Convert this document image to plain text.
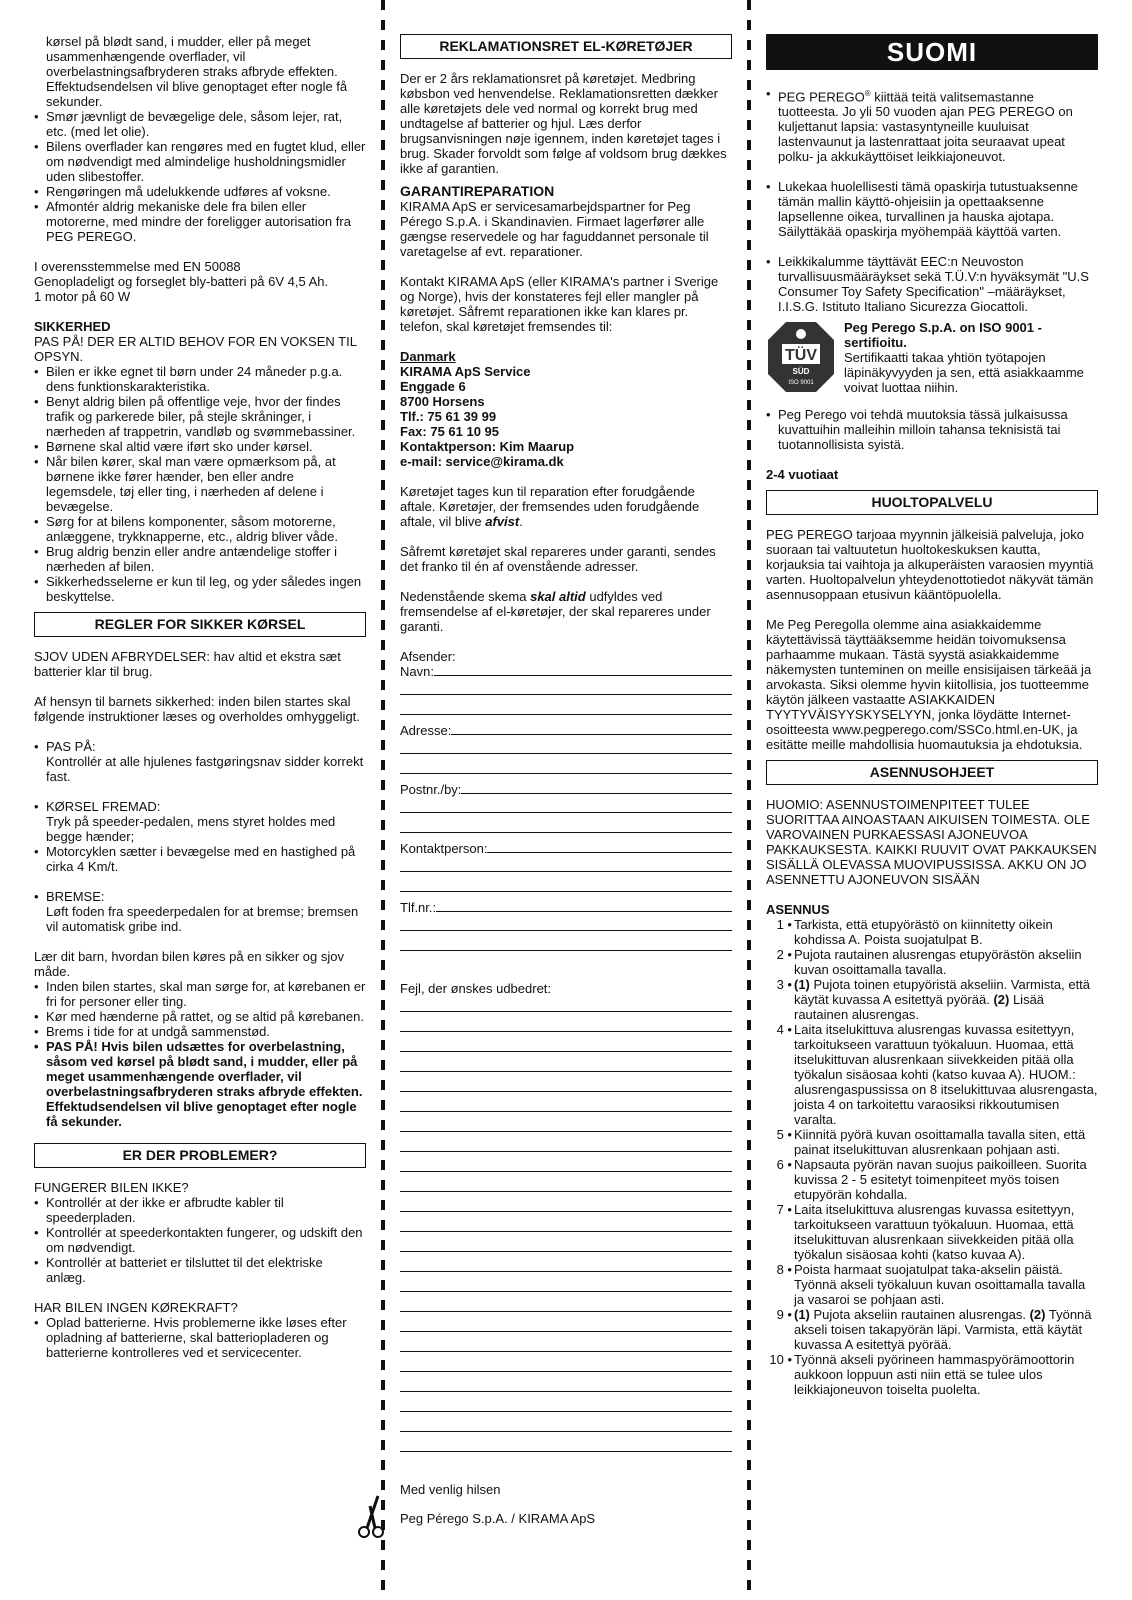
kørsel på blødt sand, i mudder, eller på meget usammenhængende overflader, vil overbelastningsafbryderen straks afbryde effekten. Effektudsendelsen vil blive genoptaget efter nogle få sekunder.

• Smør jævnligt de bevægelige dele, såsom lejer, rat, etc. (med let olie).
• Bilens overflader kan rengøres med en fugtet klud, eller om nødvendigt med almindelige husholdningsmidler uden slibestoffer.
• Rengøringen må udelukkende udføres af voksne.
• Afmontér aldrig mekaniske dele fra bilen eller motorerne, med mindre der foreligger autorisation fra PEG PEREGO.

I overensstemmelse med EN 50088

Genopladeligt og forseglet bly-batteri på 6V 4,5 Ah.

1 motor på 60 W

SIKKERHED

PAS PÅ! DER ER ALTID BEHOV FOR EN VOKSEN TIL OPSYN.

• Bilen er ikke egnet til børn under 24 måneder p.g.a. dens funktionskarakteristika.
• Benyt aldrig bilen på offentlige veje, hvor der findes trafik og parkerede biler, på stejle skråninger, i nærheden af trappetrin, vandløb og svømmebassiner.
• Børnene skal altid være iført sko under kørsel.
• Når bilen kører, skal man være opmærksom på, at børnene ikke fører hænder, ben eller andre legemsdele, tøj eller ting, i nærheden af delene i bevægelse.
• Sørg for at bilens komponenter, såsom motorerne, anlæggene, trykknapperne, etc., aldrig bliver våde.
• Brug aldrig benzin eller andre antændelige stoffer i nærheden af bilen.
• Sikkerhedsselerne er kun til leg, og yder således ingen beskyttelse.
REGLER FOR SIKKER KØRSEL

SJOV UDEN AFBRYDELSER: hav altid et ekstra sæt batterier klar til brug.

Af hensyn til barnets sikkerhed: inden bilen startes skal følgende instruktioner læses og overholdes omhyggeligt.

• PAS PÅ:

Kontrollér at alle hjulenes fastgøringsnav sidder korrekt fast.

• KØRSEL FREMAD:

Tryk på speeder-pedalen, mens styret holdes med begge hænder;

• Motorcyklen sætter i bevægelse med en hastighed på cirka 4 Km/t.
• BREMSE:

Løft foden fra speederpedalen for at bremse; bremsen vil automatisk gribe ind.

Lær dit barn, hvordan bilen køres på en sikker og sjov måde.

• Inden bilen startes, skal man sørge for, at kørebanen er fri for personer eller ting.
• Kør med hænderne på rattet, og se altid på kørebanen.
• Brems i tide for at undgå sammenstød.
• PAS PÅ! Hvis bilen udsættes for overbelastning, såsom ved kørsel på blødt sand, i mudder, eller på meget usammenhængende overflader, vil overbelastningsafbryderen straks afbryde effekten. Effektudsendelsen vil blive genoptaget efter nogle få sekunder.
ER DER PROBLEMER?

FUNGERER BILEN IKKE?

• Kontrollér at der ikke er afbrudte kabler til speederpladen.
• Kontrollér at speederkontakten fungerer, og udskift den om nødvendigt.
• Kontrollér at batteriet er tilsluttet til det elektriske anlæg.

HAR BILEN INGEN KØREKRAFT?

• Oplad batterierne. Hvis problemerne ikke løses efter opladning af batterierne, skal batteriopladeren og batterierne kontrolleres ved et servicecenter.
REKLAMATIONSRET EL-KØRETØJER

Der er 2 års reklamationsret på køretøjet. Medbring købsbon ved henvendelse. Reklamationsretten dækker alle køretøjets dele ved normal og korrekt brug med undtagelse af batterier og hjul. Læs derfor brugsanvisningen nøje igennem, inden køretøjet tages i brug. Skader forvoldt som følge af voldsom brug dækkes ikke af garantien.

GARANTIREPARATION

KIRAMA ApS er servicesamarbejdspartner for Peg Pérego S.p.A. i Skandinavien. Firmaet lagerfører alle gængse reservedele og har faguddannet personale til varetagelse af evt. reparationer.

Kontakt KIRAMA ApS (eller KIRAMA's partner i Sverige og Norge), hvis der konstateres fejl eller mangler på køretøjet. Såfremt reparationen ikke kan klares pr. telefon, skal køretøjet fremsendes til:

Danmark

KIRAMA ApS Service

Enggade 6

8700 Horsens

Tlf.: 75 61 39 99

Fax: 75 61 10 95

Kontaktperson: Kim Maarup

e-mail: service@kirama.dk

Køretøjet tages kun til reparation efter forudgående aftale. Køretøjer, der fremsendes uden forudgående aftale, vil blive afvist.

Såfremt køretøjet skal repareres under garanti, sendes det franko til én af ovenstående adresser.

Nedenstående skema skal altid udfyldes ved fremsendelse af el-køretøjer, der skal repareres under garanti.

Afsender:

Navn:
Adresse:
Postnr./by:
Kontaktperson:
Tlf.nr.:

Fejl, der ønskes udbedret:

Med venlig hilsen

Peg Pérego S.p.A. / KIRAMA ApS

SUOMI
• PEG PEREGO® kiittää teitä valitsemastanne tuotteesta. Jo yli 50 vuoden ajan PEG PEREGO on kuljettanut lapsia: vastasyntyneille kuuluisat lastenvaunut ja lastenrattaat joita seuraavat upeat polku- ja akkukäyttöiset leikkiajoneuvot.
• Lukekaa huolellisesti tämä opaskirja tutustuaksenne tämän mallin käyttö-ohjeisiin ja opettaaksenne lapsellenne oikea, turvallinen ja hauska ajotapa. Säilyttäkää opaskirja myöhempää käyttöä varten.
• Leikkikalumme täyttävät EEC:n Neuvoston turvallisuusmääräykset sekä T.Ü.V:n hyväksymät "U.S Consumer Toy Safety Specification" –määräykset, I.I.S.G. Istituto Italiano Sicurezza Giocattoli.
TÜV
SÜD
ISO 9001

Peg Perego S.p.A. on ISO 9001 - sertifioitu.

Sertifikaatti takaa yhtiön työtapojen läpinäkyvyyden ja sen, että asiakkaamme voivat luottaa niihin.

• Peg Perego voi tehdä muutoksia tässä julkaisussa kuvattuihin malleihin milloin tahansa teknisistä tai tuotannollisista syistä.

2-4 vuotiaat

HUOLTOPALVELU

PEG PEREGO tarjoaa myynnin jälkeisiä palveluja, joko suoraan tai valtuutetun huoltokeskuksen kautta, korjauksia tai vaihtoja ja alkuperäisten varaosien myyntiä varten. Huoltopalvelun yhteydenottotiedot näkyvät tämän asennusoppaan etusivun kääntöpuolella.

Me Peg Peregolla olemme aina asiakkaidemme käytettävissä täyttääksemme heidän toivomuksensa parhaamme mukaan. Tästä syystä asiakkaidemme näkemysten tunteminen on meille ensisijaisen tärkeää ja arvokasta. Siksi olemme hyvin kiitollisia, jos tuotteemme käytön jälkeen vastaatte ASIAKKAIDEN TYYTYVÄISYYSKYSELYYN, jonka löydätte Internet-osoitteesta www.pegperego.com/SSCo.html.en-UK, ja esitätte meille mahdollisia huomautuksia ja ehdotuksia.

ASENNUSOHJEET

HUOMIO: ASENNUSTOIMENPITEET TULEE SUORITTAA AINOASTAAN AIKUISEN TOIMESTA. OLE VAROVAINEN PURKAESSASI AJONEUVOA PAKKAUKSESTA. KAIKKI RUUVIT OVAT PAKKAUKSEN SISÄLLÄ OLEVASSA MUOVIPUSSISSA. AKKU ON JO ASENNETTU AJONEUVON SISÄÄN

ASENNUS

1 • Tarkista, että etupyörästö on kiinnitetty oikein kohdissa A. Poista suojatulpat B.
2 • Pujota rautainen alusrengas etupyörästön akseliin kuvan osoittamalla tavalla.
3 • (1) Pujota toinen etupyöristä akseliin. Varmista, että käytät kuvassa A esitettyä pyörää. (2) Lisää rautainen alusrengas.
4 • Laita itselukittuva alusrengas kuvassa esitettyyn, tarkoitukseen varattuun työkaluun. Huomaa, että itselukittuvan alusrenkaan siivekkeiden pitää olla työkalun sisäosaa kohti (katso kuvaa A). HUOM.: alusrengaspussissa on 8 itselukittuvaa alusrengasta, joista 4 on tarkoitettu varaosiksi rikkoutumisen varalta.
5 • Kiinnitä pyörä kuvan osoittamalla tavalla siten, että painat itselukittuvan alusrenkaan pohjaan asti.
6 • Napsauta pyörän navan suojus paikoilleen. Suorita kuvissa 2 - 5 esitetyt toimenpiteet myös toisen etupyörän kohdalla.
7 • Laita itselukittuva alusrengas kuvassa esitettyyn, tarkoitukseen varattuun työkaluun. Huomaa, että itselukittuvan alusrenkaan siivekkeiden pitää olla työkalun sisäosaa kohti (katso kuvaa A).
8 • Poista harmaat suojatulpat taka-akselin päistä. Työnnä akseli työkaluun kuvan osoittamalla tavalla ja vasaroi se pohjaan asti.
9 • (1) Pujota akseliin rautainen alusrengas. (2) Työnnä akseli toisen takapyörän läpi. Varmista, että käytät kuvassa A esitettyä pyörää.
10 • Työnnä akseli pyörineen hammaspyörämoottorin aukkoon loppuun asti niin että se tulee ulos leikkiajoneuvon toiselta puolelta.
